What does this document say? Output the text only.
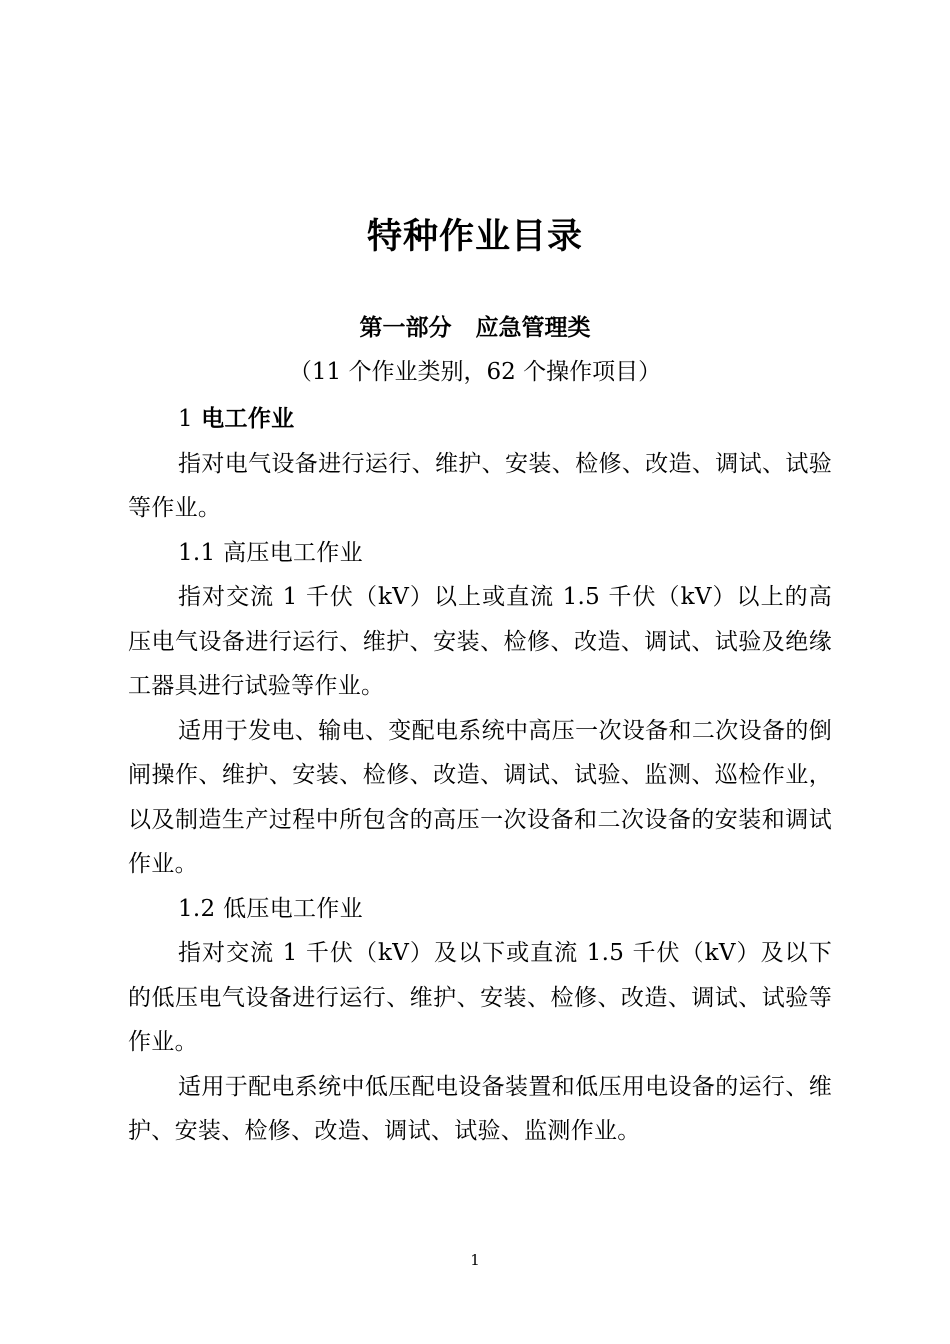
特种作业目录
第一部分 应急管理类
（11 个作业类别，62 个操作项目）

1 电工作业

指对电气设备进行运行、维护、安装、检修、改造、调试、试验等作业。

1.1 高压电工作业

指对交流 1 千伏（kV）以上或直流 1.5 千伏（kV）以上的高压电气设备进行运行、维护、安装、检修、改造、调试、试验及绝缘工器具进行试验等作业。

适用于发电、输电、变配电系统中高压一次设备和二次设备的倒闸操作、维护、安装、检修、改造、调试、试验、监测、巡检作业，以及制造生产过程中所包含的高压一次设备和二次设备的安装和调试作业。

1.2 低压电工作业

指对交流 1 千伏（kV）及以下或直流 1.5 千伏（kV）及以下的低压电气设备进行运行、维护、安装、检修、改造、调试、试验等作业。

适用于配电系统中低压配电设备装置和低压用电设备的运行、维护、安装、检修、改造、调试、试验、监测作业。

1
